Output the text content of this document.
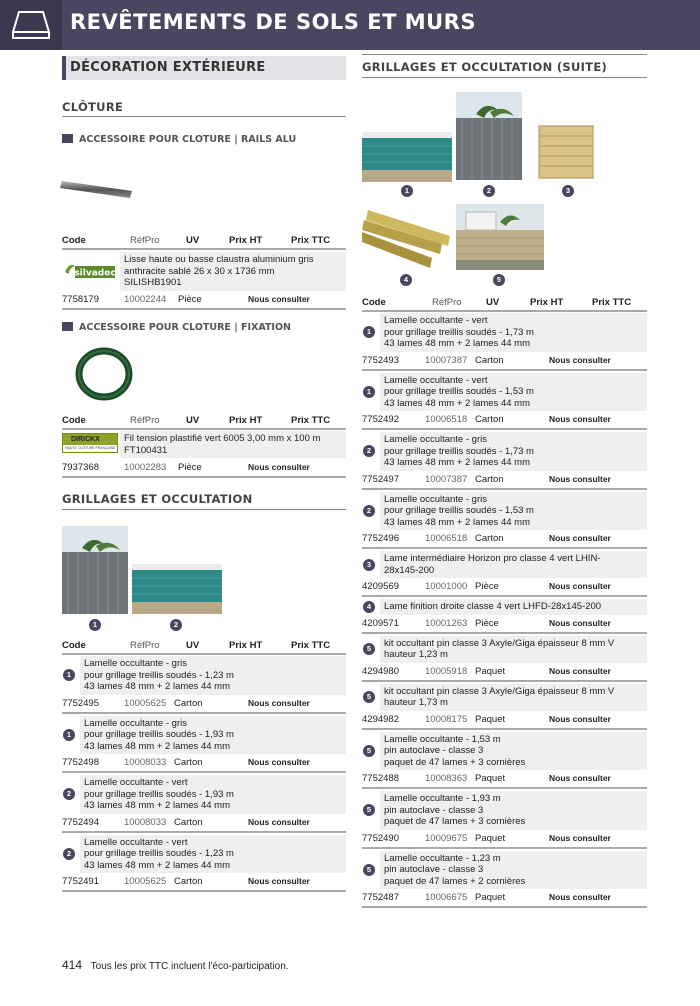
REVÊTEMENTS DE SOLS ET MURS
DÉCORATION EXTÉRIEURE
CLÔTURE
ACCESSOIRE POUR CLOTURE | RAILS ALU
Code	RéfPro	UV	Prix HT	Prix TTC
silvadec
Lisse haute ou basse claustra aluminium gris
anthracite sablé 26 x 30 x 1736 mm
SILISHB1901
7758179	10002244 Pièce	Nous consulter
ACCESSOIRE POUR CLOTURE | FIXATION
Code	RéfPro	UV	Prix HT	Prix TTC
DIRICKX
HAUTE CLÔTURE FRANÇAISE
Fil tension plastifié vert 6005 3,00 mm x 100 m
FT100431
7937368	10002283 Pièce	Nous consulter
GRILLAGES ET OCCULTATION
1	2
Code	RéfPro	UV	Prix HT	Prix TTC
1
Lamelle occultante - gris
pour grillage treillis soudés - 1,23 m
43 lames 48 mm + 2 lames 44 mm
7752495	10005625 Carton	Nous consulter
1
Lamelle occultante - gris
pour grillage treillis soudés - 1,93 m
43 lames 48 mm + 2 lames 44 mm
7752498	10008033 Carton	Nous consulter
2
Lamelle occultante - vert
pour grillage treillis soudés - 1,93 m
43 lames 48 mm + 2 lames 44 mm
7752494	10008033 Carton	Nous consulter
2
Lamelle occultante - vert
pour grillage treillis soudés - 1,23 m
43 lames 48 mm + 2 lames 44 mm
7752491	10005625 Carton	Nous consulter
GRILLAGES ET OCCULTATION (SUITE)
1	2	3
4	5
Code	RéfPro	UV	Prix HT	Prix TTC
1
Lamelle occultante - vert
pour grillage treillis soudés - 1,73 m
43 lames 48 mm + 2 lames 44 mm
7752493	10007387 Carton	Nous consulter
1
Lamelle occultante - vert
pour grillage treillis soudés - 1,53 m
43 lames 48 mm + 2 lames 44 mm
7752492	10006518 Carton	Nous consulter
2
Lamelle occultante - gris
pour grillage treillis soudés - 1,73 m
43 lames 48 mm + 2 lames 44 mm
7752497	10007387 Carton	Nous consulter
2
Lamelle occultante - gris
pour grillage treillis soudés - 1,53 m
43 lames 48 mm + 2 lames 44 mm
7752496	10006518 Carton	Nous consulter
3	Lame intermédiaire Horizon pro classe 4 vert LHIN-
28x145-200
4209569	10001000 Pièce	Nous consulter
4	Lame finition droite classe 4 vert LHFD-28x145-200
4209571	10001263 Pièce	Nous consulter
5	kit occultant pin classe 3 Axyle/Giga épaisseur 8 mm V
hauteur 1,23 m
4294980	10005918 Paquet	Nous consulter
5	kit occultant pin classe 3 Axyle/Giga épaisseur 8 mm V
hauteur 1,73 m
4294982	10008175 Paquet	Nous consulter
5
Lamelle occultante - 1,53 m
pin autoclave - classe 3
paquet de 47 lames + 3 cornières
7752488	10008363 Paquet	Nous consulter
5
Lamelle occultante - 1,93 m
pin autoclave - classe 3
paquet de 47 lames + 3 cornières
7752490	10009675 Paquet	Nous consulter
5
Lamelle occultante - 1,23 m
pin autoclave - classe 3
paquet de 47 lames + 2 cornières
7752487	10006675 Paquet	Nous consulter
414 Tous les prix TTC incluent l'éco-participation.
